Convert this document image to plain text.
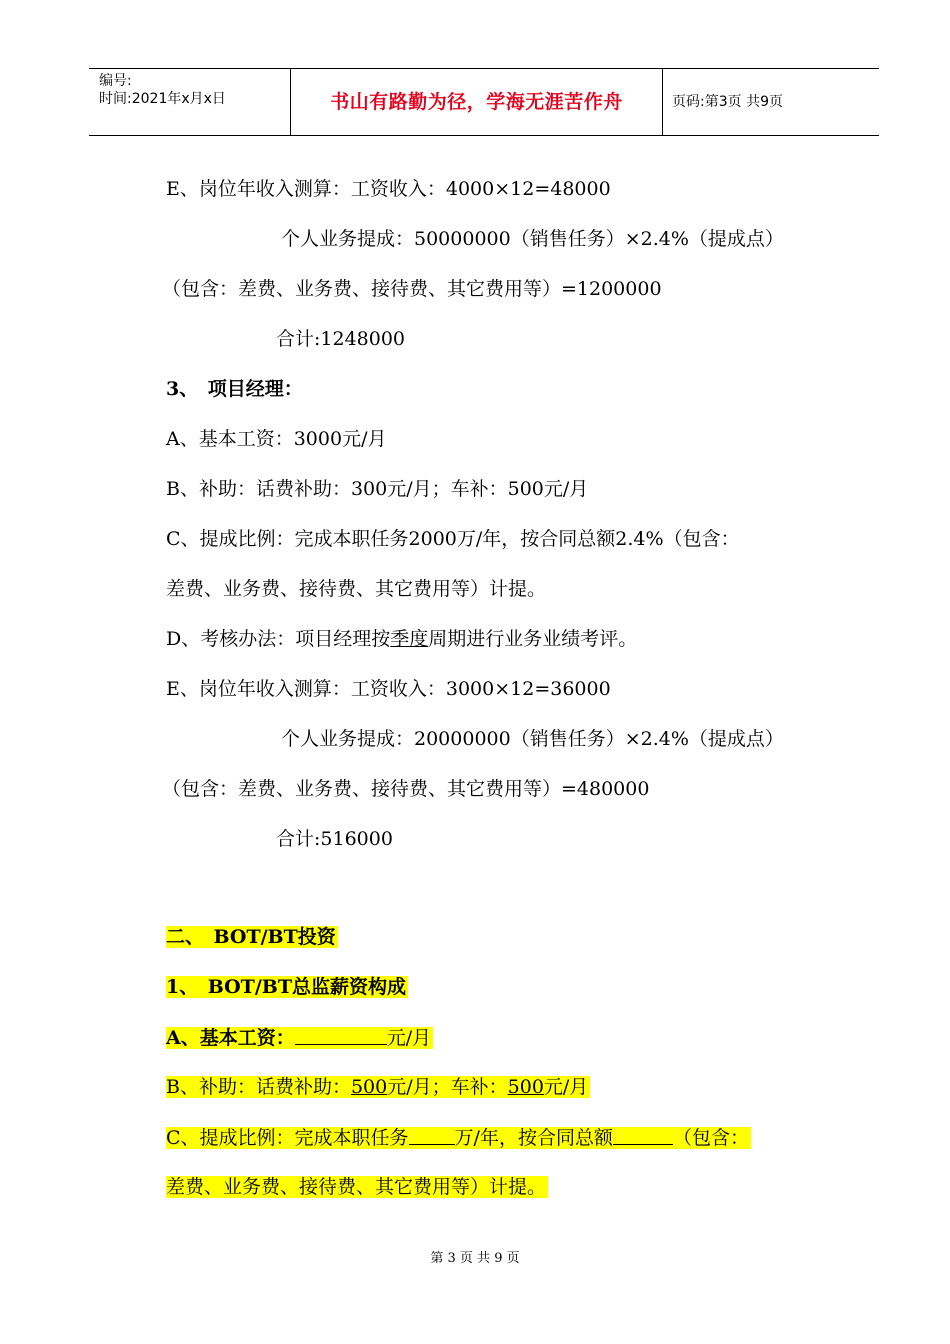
编号:
时间:2021年x月x日	书山有路勤为径，学海无涯苦作舟	页码:第3页 共9页
E、岗位年收入测算：工资收入：4000×12=48000
个人业务提成：50000000（销售任务）×2.4%（提成点）
（包含：差费、业务费、接待费、其它费用等）=1200000
合计:1248000
3、　项目经理：
A、基本工资：3000元/月
B、补助：话费补助：300元/月；车补：500元/月
C、提成比例：完成本职任务2000万/年，按合同总额2.4%（包含：
差费、业务费、接待费、其它费用等）计提。
D、考核办法：项目经理按季度周期进行业务业绩考评。
E、岗位年收入测算：工资收入：3000×12=36000
个人业务提成：20000000（销售任务）×2.4%（提成点）
（包含：差费、业务费、接待费、其它费用等）=480000
合计:516000
二、　BOT/BT投资
1、　BOT/BT总监薪资构成
A、基本工资：	元/月
B、补助：话费补助：500元/月；车补：500元/月
C、提成比例：完成本职任务 万/年，按合同总额	（包含：
差费、业务费、接待费、其它费用等）计提。
第 3 页 共 9 页
